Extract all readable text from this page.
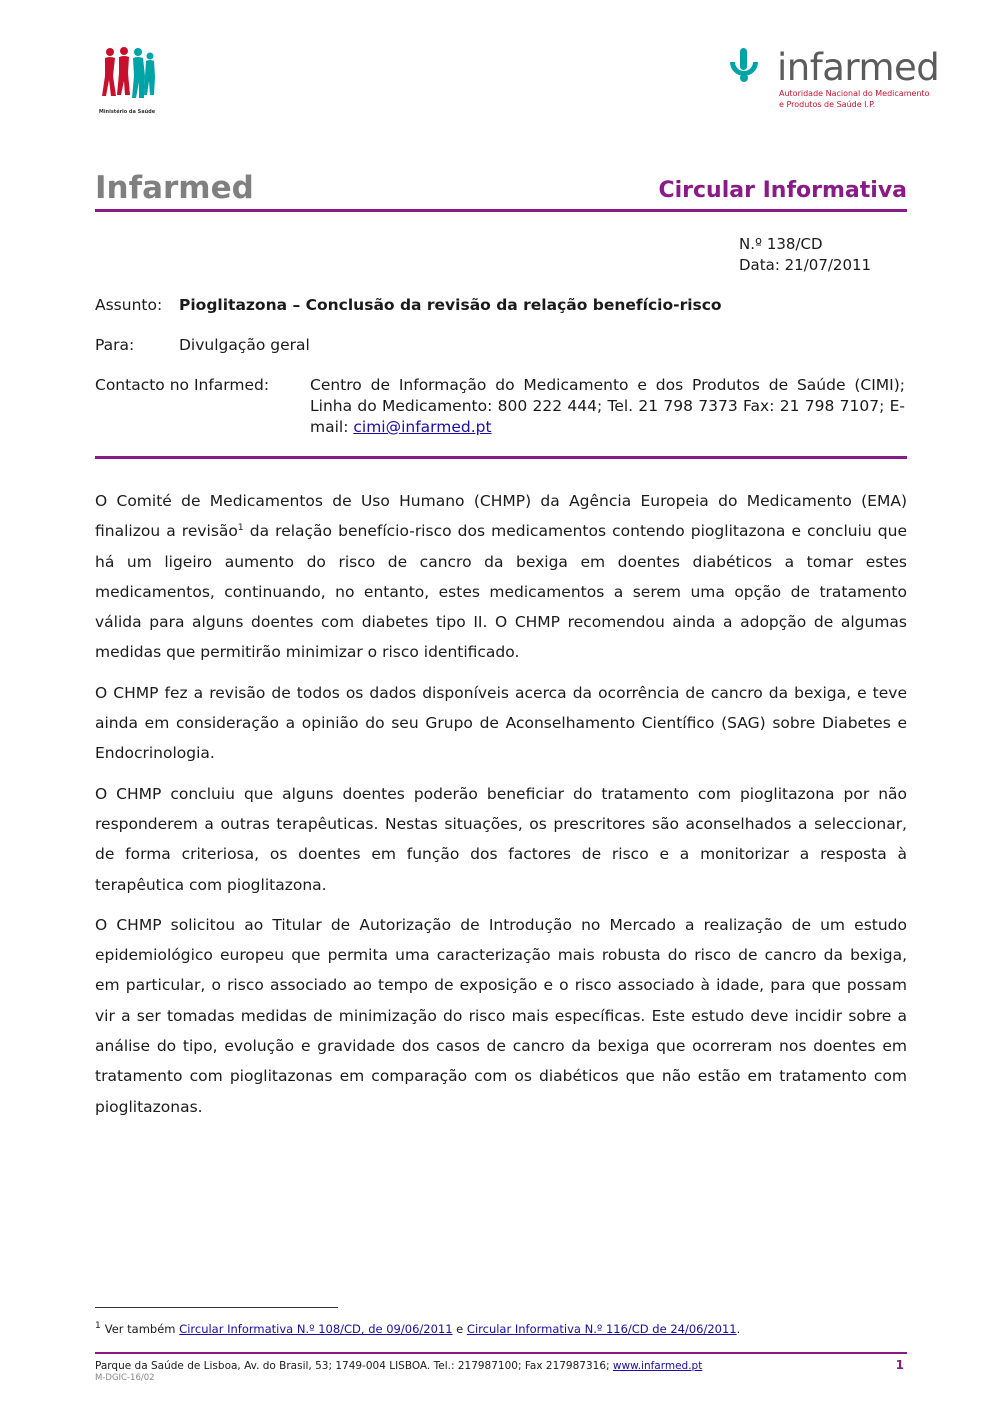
Ministério da Saúde
infarmed
Autoridade Nacional do Medicamento
e Produtos de Saúde I.P.
Infarmed	Circular Informativa
N.º 138/CD
Data: 21/07/2011
Assunto: Pioglitazona – Conclusão da revisão da relação benefício-risco
Para:	Divulgação geral
Contacto no Infarmed:	Centro de Informação do Medicamento e dos Produtos de Saúde (CIMI); Linha do Medicamento: 800 222 444; Tel. 21 798 7373 Fax: 21 798 7107; E-mail: cimi@infarmed.pt

O Comité de Medicamentos de Uso Humano (CHMP) da Agência Europeia do Medicamento (EMA) finalizou a revisão$^1$ da relação benefício-risco dos medicamentos contendo pioglitazona e concluiu que há um ligeiro aumento do risco de cancro da bexiga em doentes diabéticos a tomar estes medicamentos, continuando, no entanto, estes medicamentos a serem uma opção de tratamento válida para alguns doentes com diabetes tipo II. O CHMP recomendou ainda a adopção de algumas medidas que permitirão minimizar o risco identificado.

O CHMP fez a revisão de todos os dados disponíveis acerca da ocorrência de cancro da bexiga, e teve ainda em consideração a opinião do seu Grupo de Aconselhamento Científico (SAG) sobre Diabetes e Endocrinologia.

O CHMP concluiu que alguns doentes poderão beneficiar do tratamento com pioglitazona por não responderem a outras terapêuticas. Nestas situações, os prescritores são aconselhados a seleccionar, de forma criteriosa, os doentes em função dos factores de risco e a monitorizar a resposta à terapêutica com pioglitazona.

O CHMP solicitou ao Titular de Autorização de Introdução no Mercado a realização de um estudo epidemiológico europeu que permita uma caracterização mais robusta do risco de cancro da bexiga, em particular, o risco associado ao tempo de exposição e o risco associado à idade, para que possam vir a ser tomadas medidas de minimização do risco mais específicas. Este estudo deve incidir sobre a análise do tipo, evolução e gravidade dos casos de cancro da bexiga que ocorreram nos doentes em tratamento com pioglitazonas em comparação com os diabéticos que não estão em tratamento com pioglitazonas.

$^1$ Ver também Circular Informativa N.º 108/CD, de 09/06/2011 e Circular Informativa N.º 116/CD de 24/06/2011.
Parque da Saúde de Lisboa, Av. do Brasil, 53; 1749-004 LISBOA. Tel.: 217987100; Fax 217987316; www.infarmed.pt	1
M-DGIC-16/02
